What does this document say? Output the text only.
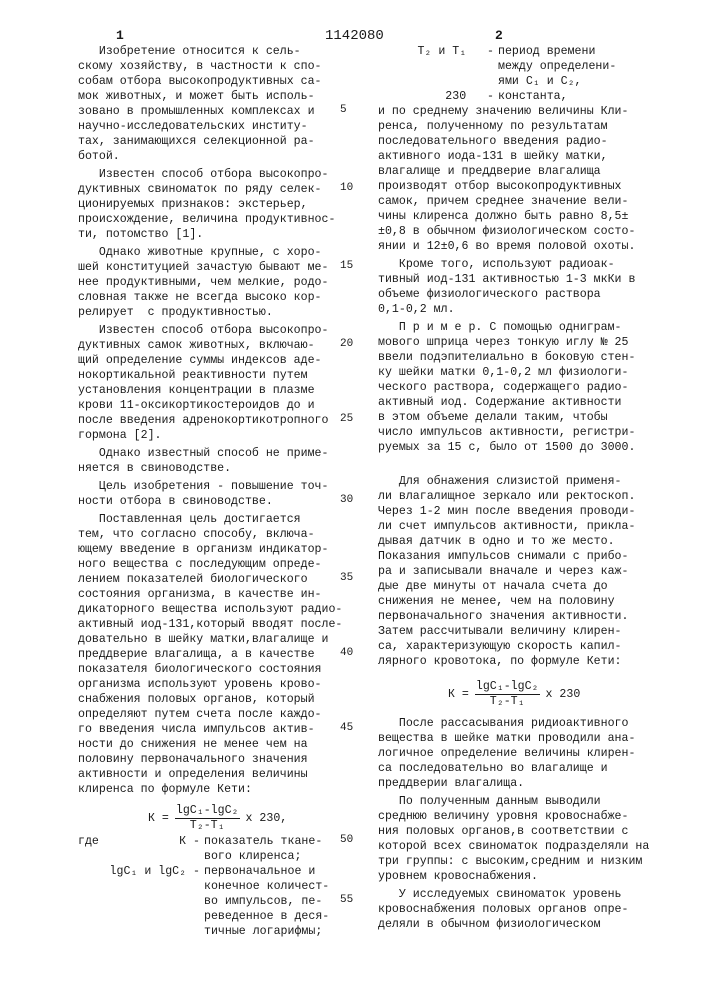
1	1142080	2
Изобретение относится к сель-
скому хозяйству, в частности к спо-
собам отбора высокопродуктивных са-
мок животных, и может быть исполь-
зовано в промышленных комплексах и
научно-исследовательских институ-
тах, занимающихся селекционной ра-
ботой.
Известен способ отбора высокопро-
дуктивных свиноматок по ряду селек-
ционируемых признаков: экстерьер,
происхождение, величина продуктивнос-
ти, потомство [1].
Однако животные крупные, с хоро-
шей конституцией зачастую бывают ме-
нее продуктивными, чем мелкие, родо-
словная также не всегда высоко кор-
релирует  с продуктивностью.
Известен способ отбора высокопро-
дуктивных самок животных, включаю-
щий определение суммы индексов аде-
нокортикальной реактивности путем
установления концентрации в плазме
крови 11-оксикортикостероидов до и
после введения адренокортикотропного
гормона [2].
Однако известный способ не приме-
няется в свиноводстве.
Цель изобретения - повышение точ-
ности отбора в свиноводстве.
Поставленная цель достигается
тем, что согласно способу, включа-
ющему введение в организм индикатор-
ного вещества с последующим опреде-
лением показателей биологического
состояния организма, в качестве ин-
дикаторного вещества используют радио-
активный иод-131,который вводят после-
довательно в шейку матки,влагалище и
преддверие влагалища, а в качестве
показателя биологического состояния
организма используют уровень крово-
снабжения половых органов, который
определяют путем счета после каждо-
го введения числа импульсов актив-
ности до снижения не менее чем на
половину первоначального значения
активности и определения величины
клиренса по формуле Кети:
К =
lgC₁-lgC₂
T₂-T₁
x 230,
где	К - показатель ткане-
вого клиренса;
lgC₁ и lgC₂ - первоначальное и
конечное количест-
во импульсов, пе-
реведенное в деся-
тичные логарифмы;
T₂ и T₁   - период времени
между определени-
ями C₁ и C₂,
230   - константа,
и по среднему значению величины Кли-
ренса, полученному по результатам
последовательного введения радио-
активного иода-131 в шейку матки,
влагалище и преддверие влагалища
производят отбор высокопродуктивных
самок, причем среднее значение вели-
чины клиренса должно быть равно 8,5±
±0,8 в обычном физиологическом состо-
янии и 12±0,6 во время половой охоты.
Кроме того, используют радиоак-
тивный иод-131 активностью 1-3 мкКи в
объеме физиологического раствора
0,1-0,2 мл.
П р и м е р. С помощью одниграм-
мового шприца через тонкую иглу № 25
ввели подэпителиально в боковую стен-
ку шейки матки 0,1-0,2 мл физиологи-
ческого раствора, содержащего радио-
активный иод. Содержание активности
в этом объеме делали таким, чтобы
число импульсов активности, регистри-
руемых за 15 с, было от 1500 до 3000.
Для обнажения слизистой применя-
ли влагалищное зеркало или ректоскоп.
Через 1-2 мин после введения проводи-
ли счет импульсов активности, прикла-
дывая датчик в одно и то же место.
Показания импульсов снимали с прибо-
ра и записывали вначале и через каж-
дые две минуты от начала счета до
снижения не менее, чем на половину
первоначального значения активности.
Затем рассчитывали величину клирен-
са, характеризующую скорость капил-
лярного кровотока, по формуле Кети:
К =
lgC₁-lgC₂
T₂-T₁
x 230
После рассасывания ридиоактивного
вещества в шейке матки проводили ана-
логичное определение величины клирен-
са последовательно во влагалище и
преддверии влагалища.
По полученным данным выводили
среднюю величину уровня кровоснабже-
ния половых органов,в соответствии с
которой всех свиноматок подразделяли на
три группы: с высоким,средним и низким
уровнем кровоснабжения.
У исследуемых свиноматок уровень
кровоснабжения половых органов опре-
деляли в обычном физиологическом
5
10
15
20
25
30
35
40
45
50
55
